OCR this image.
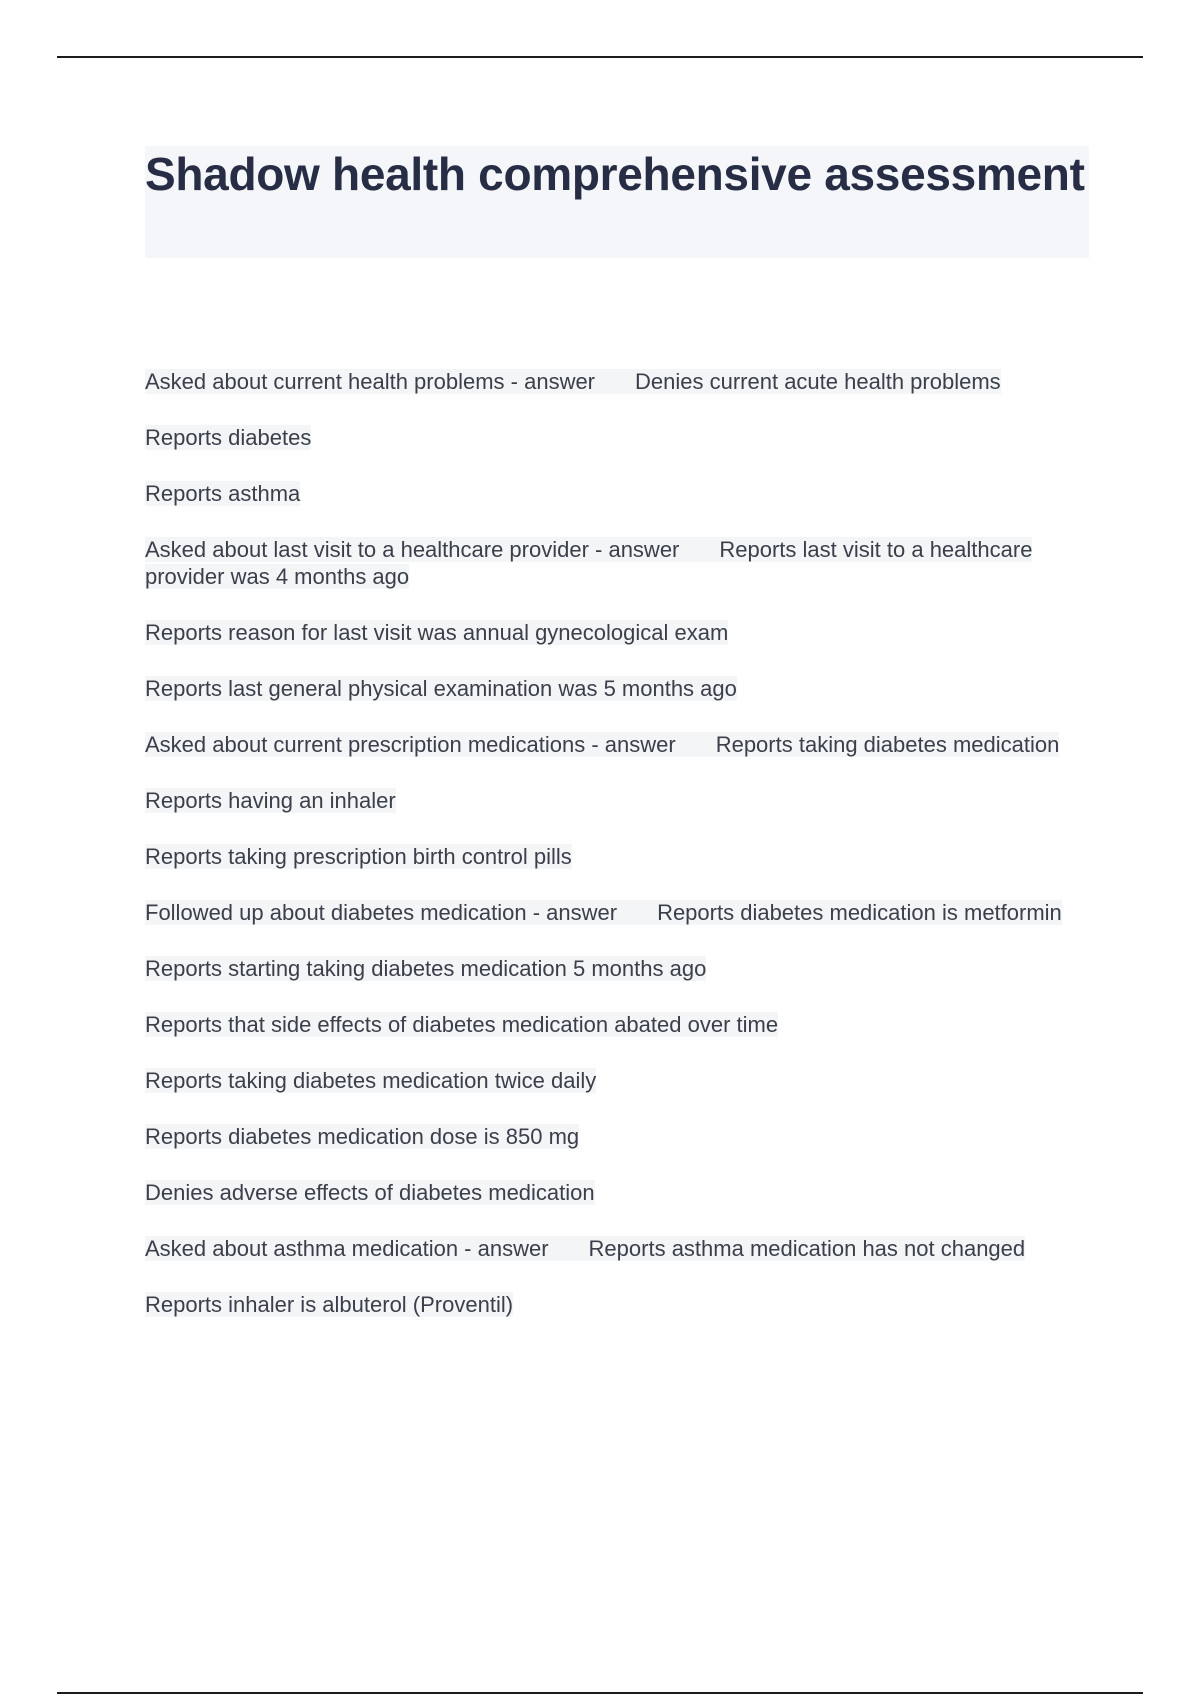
Shadow health comprehensive assessment

Asked about current health problems - answer Denies current acute health problems

Reports diabetes

Reports asthma

Asked about last visit to a healthcare provider - answer Reports last visit to a healthcare provider was 4 months ago

Reports reason for last visit was annual gynecological exam

Reports last general physical examination was 5 months ago

Asked about current prescription medications - answer Reports taking diabetes medication

Reports having an inhaler

Reports taking prescription birth control pills

Followed up about diabetes medication - answer Reports diabetes medication is metformin

Reports starting taking diabetes medication 5 months ago

Reports that side effects of diabetes medication abated over time

Reports taking diabetes medication twice daily

Reports diabetes medication dose is 850 mg

Denies adverse effects of diabetes medication

Asked about asthma medication - answer Reports asthma medication has not changed

Reports inhaler is albuterol (Proventil)
